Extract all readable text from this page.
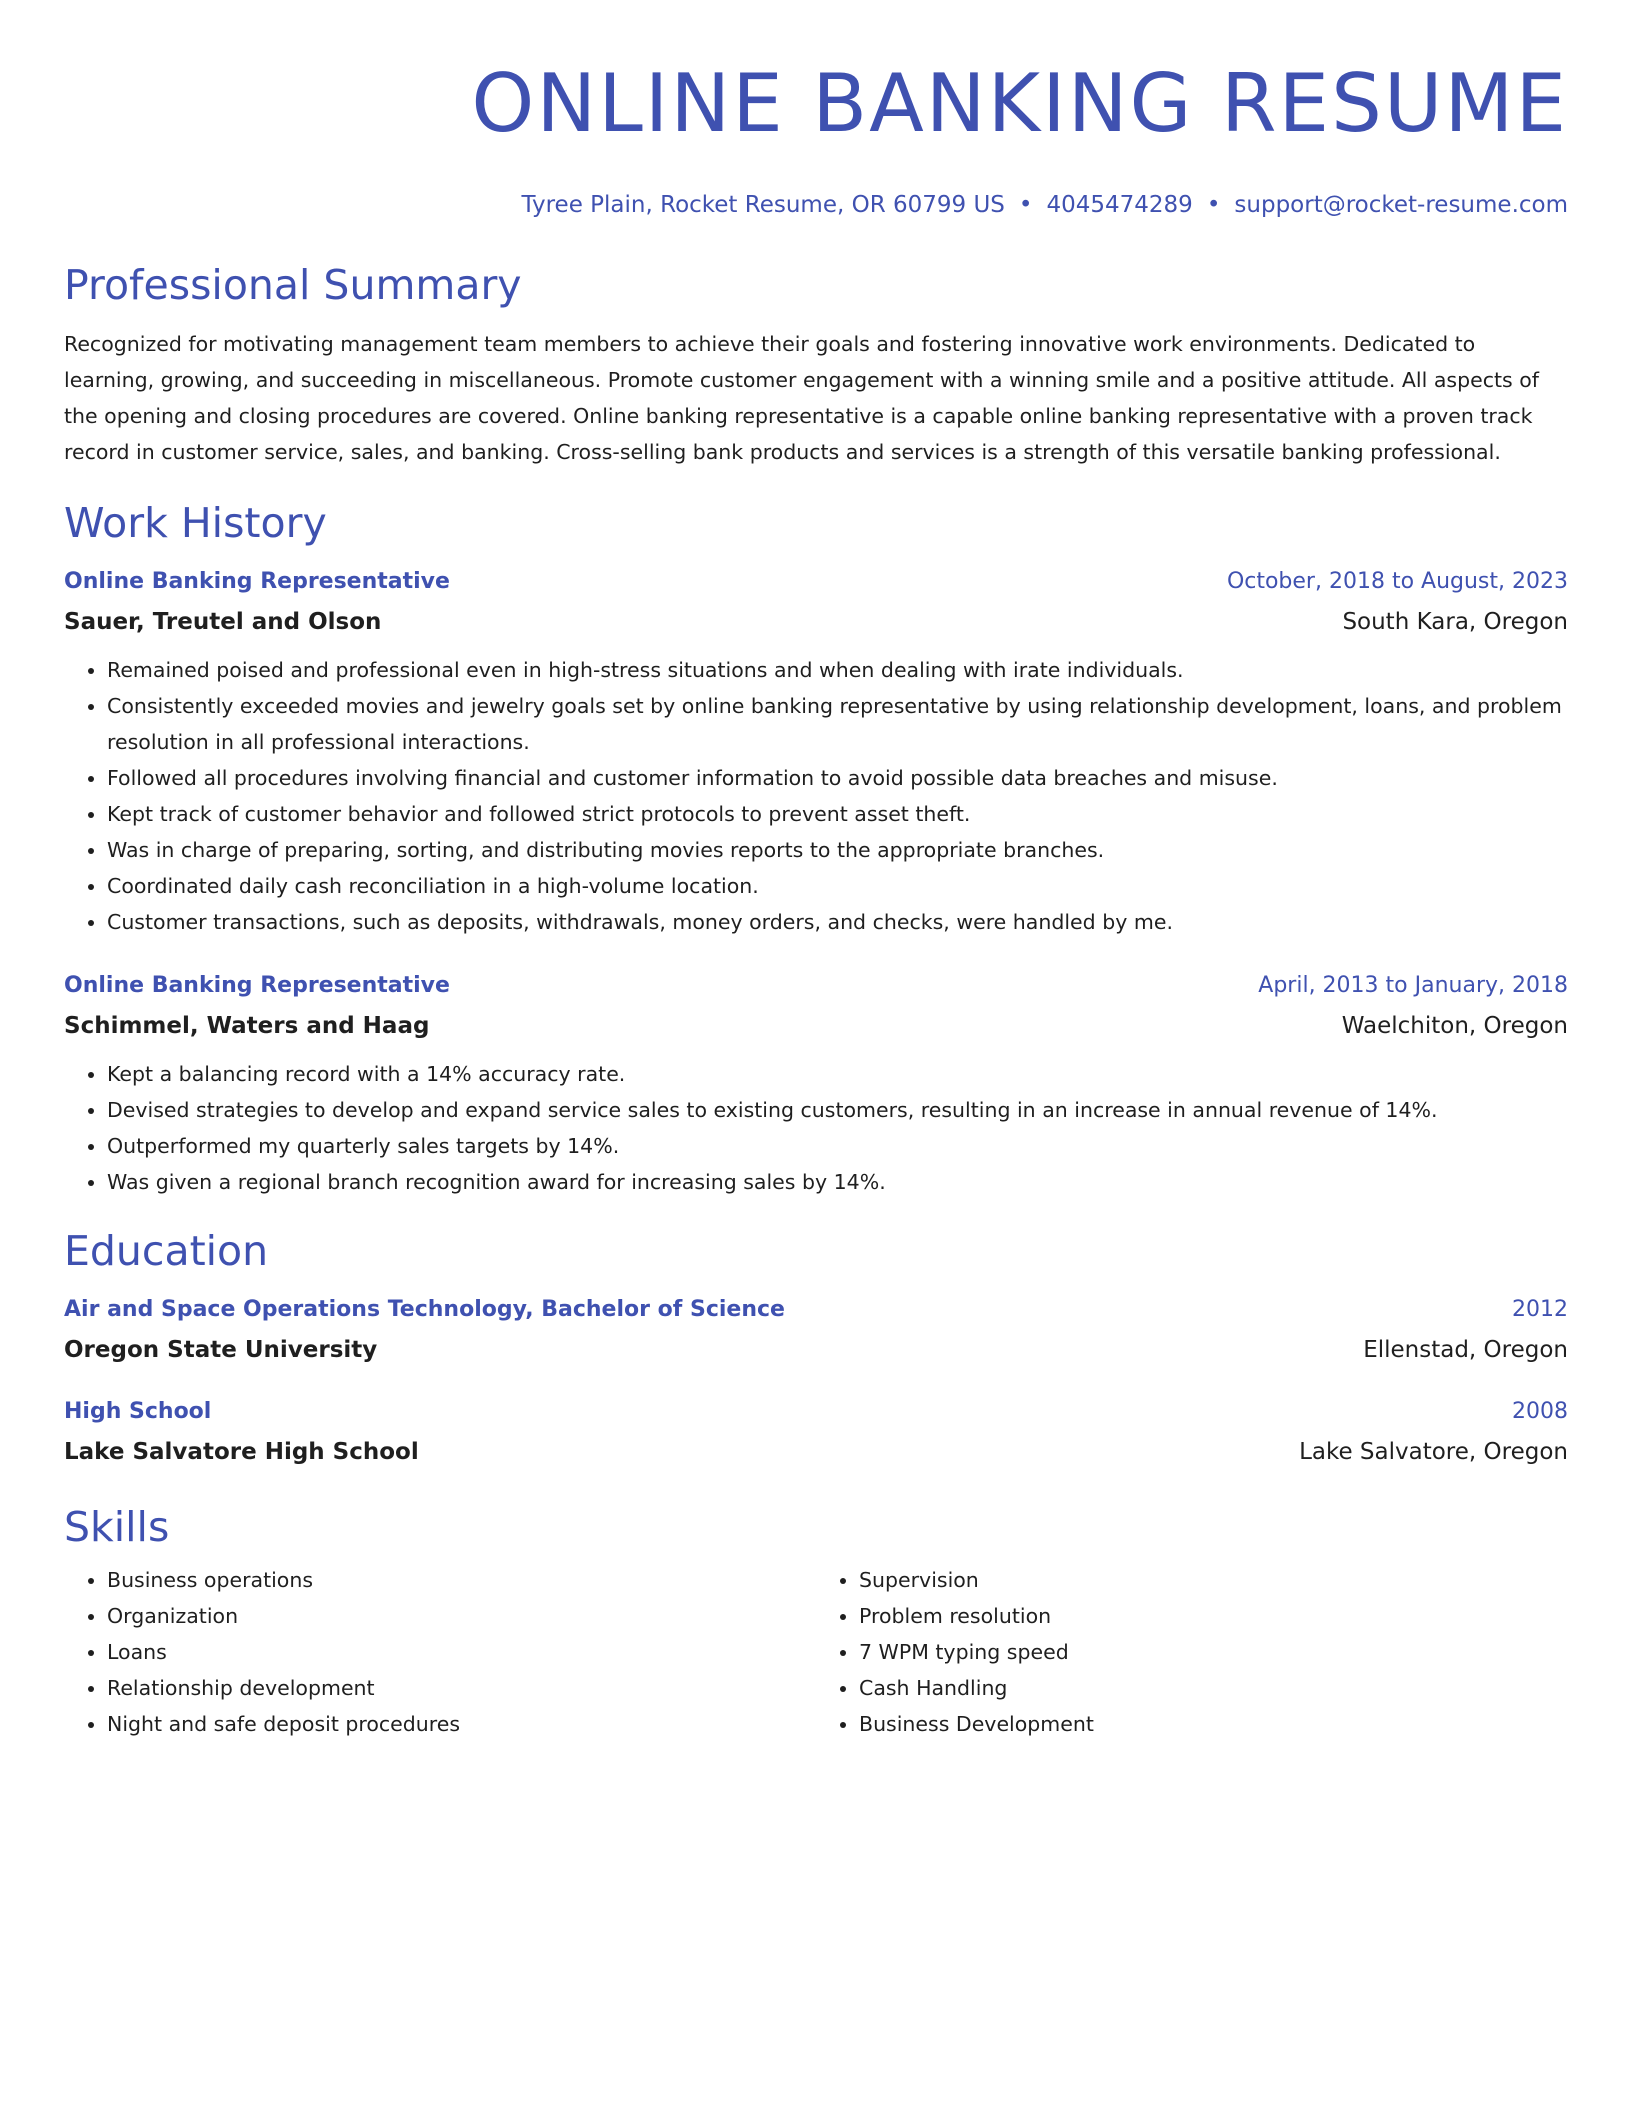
ONLINE BANKING RESUME
Tyree Plain, Rocket Resume, OR 60799 US • 4045474289 • support@rocket-resume.com
Professional Summary
Recognized for motivating management team members to achieve their goals and fostering innovative work environments. Dedicated to learning, growing, and succeeding in miscellaneous. Promote customer engagement with a winning smile and a positive attitude. All aspects of the opening and closing procedures are covered. Online banking representative is a capable online banking representative with a proven track record in customer service, sales, and banking. Cross-selling bank products and services is a strength of this versatile banking professional.
Work History
Online Banking Representative	October, 2018 to August, 2023
Sauer, Treutel and Olson	South Kara, Oregon
• Remained poised and professional even in high-stress situations and when dealing with irate individuals.
• Consistently exceeded movies and jewelry goals set by online banking representative by using relationship development, loans, and problem resolution in all professional interactions.
• Followed all procedures involving financial and customer information to avoid possible data breaches and misuse.
• Kept track of customer behavior and followed strict protocols to prevent asset theft.
• Was in charge of preparing, sorting, and distributing movies reports to the appropriate branches.
• Coordinated daily cash reconciliation in a high-volume location.
• Customer transactions, such as deposits, withdrawals, money orders, and checks, were handled by me.
Online Banking Representative	April, 2013 to January, 2018
Schimmel, Waters and Haag	Waelchiton, Oregon
• Kept a balancing record with a 14% accuracy rate.
• Devised strategies to develop and expand service sales to existing customers, resulting in an increase in annual revenue of 14%.
• Outperformed my quarterly sales targets by 14%.
• Was given a regional branch recognition award for increasing sales by 14%.
Education
Air and Space Operations Technology, Bachelor of Science	2012
Oregon State University	Ellenstad, Oregon
High School	2008
Lake Salvatore High School	Lake Salvatore, Oregon
Skills
• Business operations
• Organization
• Loans
• Relationship development
• Night and safe deposit procedures
• Supervision
• Problem resolution
• 7 WPM typing speed
• Cash Handling
• Business Development
